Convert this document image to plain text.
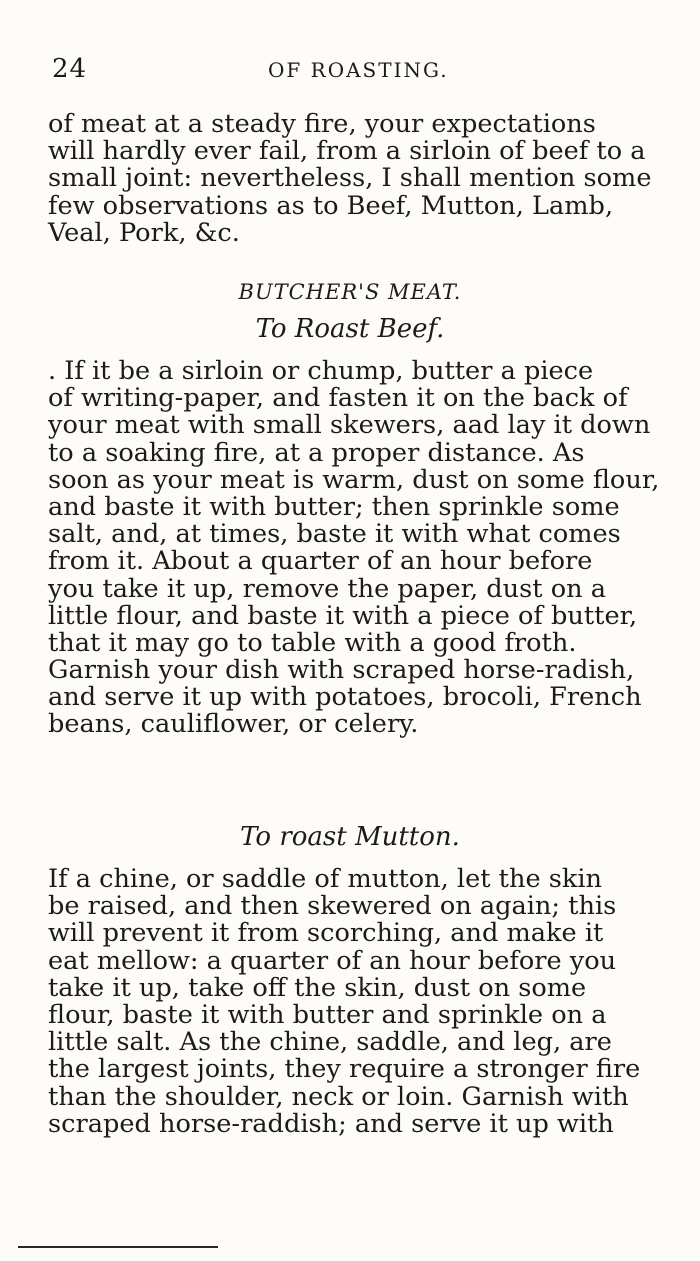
24	OF ROASTING.
of meat at a steady fire, your expectations
will hardly ever fail, from a sirloin of beef to a
small joint: nevertheless, I shall mention some
few observations as to Beef, Mutton, Lamb,
Veal, Pork, &c.
BUTCHER'S MEAT.
To Roast Beef.
. If it be a sirloin or chump, butter a piece
of writing-paper, and fasten it on the back of
your meat with small skewers, aad lay it down
to a soaking fire, at a proper distance. As
soon as your meat is warm, dust on some flour,
and baste it with butter; then sprinkle some
salt, and, at times, baste it with what comes
from it. About a quarter of an hour before
you take it up, remove the paper, dust on a
little flour, and baste it with a piece of butter,
that it may go to table with a good froth.
Garnish your dish with scraped horse-radish,
and serve it up with potatoes, brocoli, French
beans, cauliflower, or celery.
To roast Mutton.
If a chine, or saddle of mutton, let the skin
be raised, and then skewered on again; this
will prevent it from scorching, and make it
eat mellow: a quarter of an hour before you
take it up, take off the skin, dust on some
flour, baste it with butter and sprinkle on a
little salt. As the chine, saddle, and leg, are
the largest joints, they require a stronger fire
than the shoulder, neck or loin. Garnish with
scraped horse-raddish; and serve it up with
